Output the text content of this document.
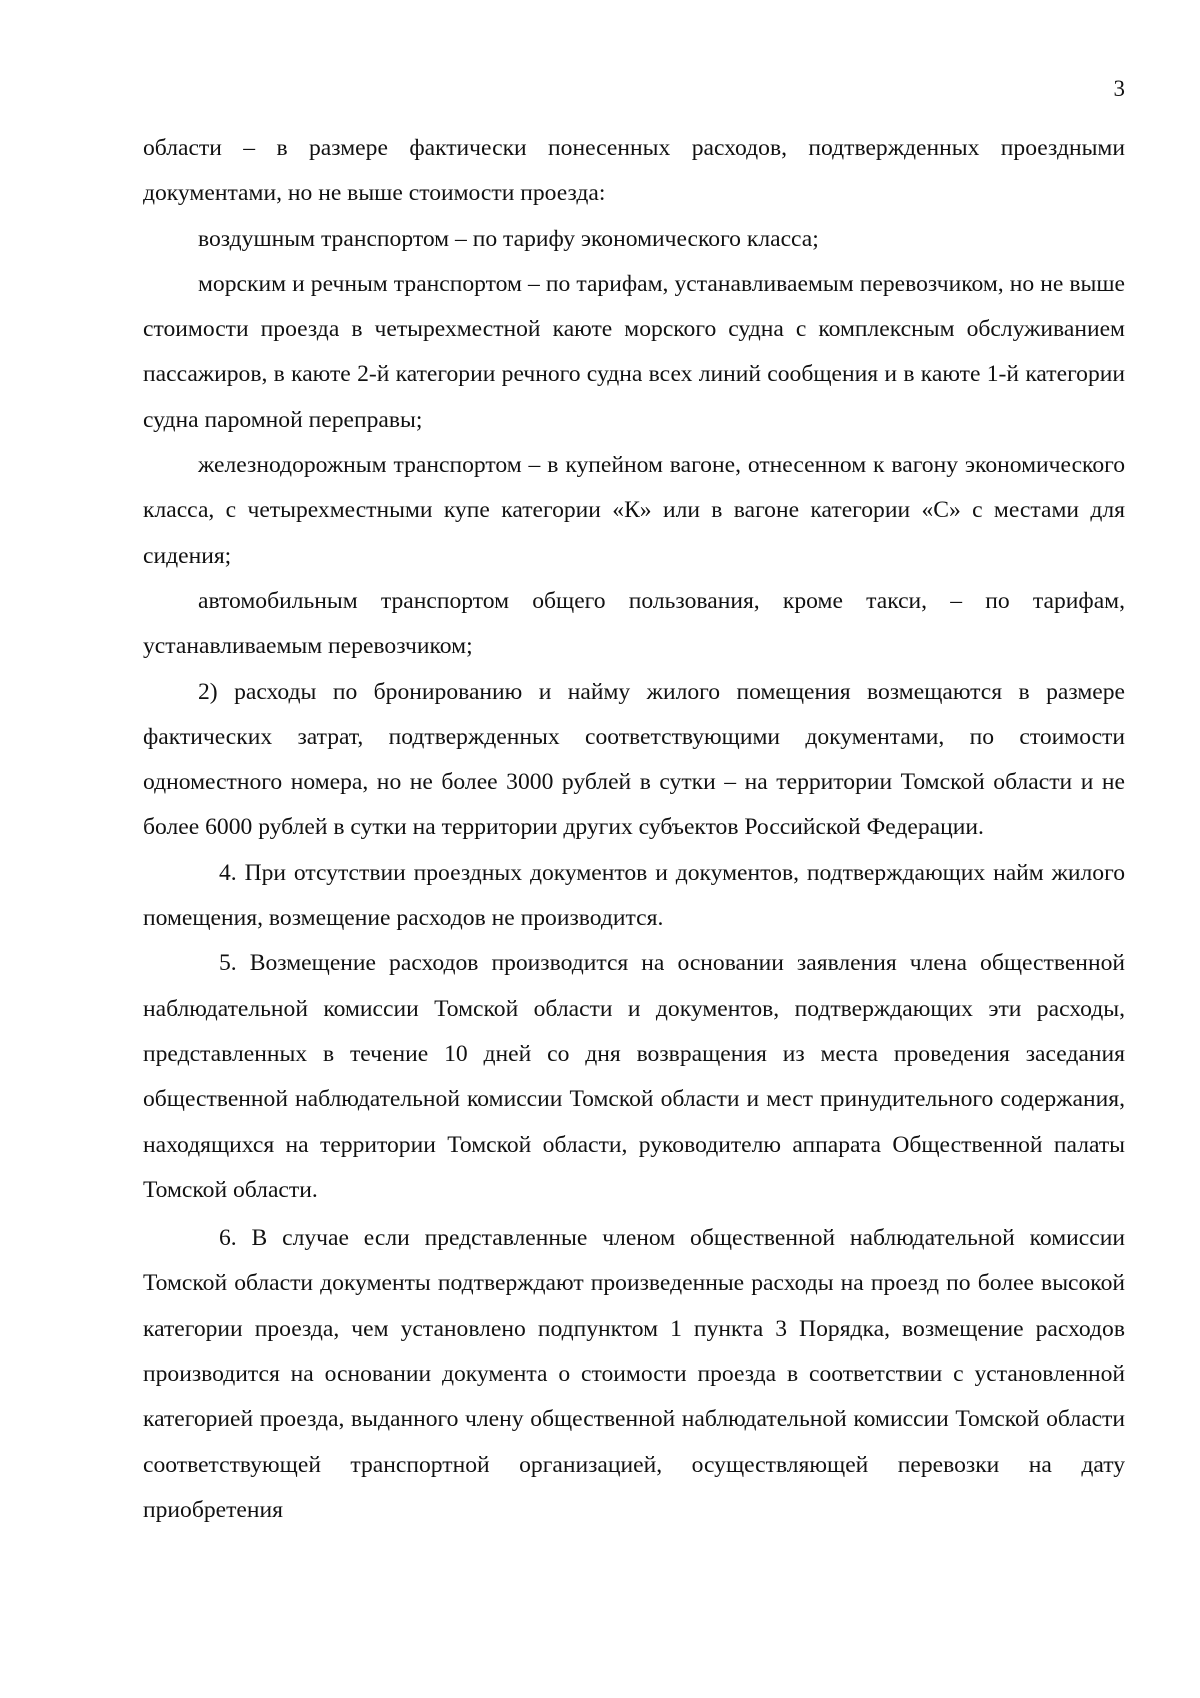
3

области – в размере фактически понесенных расходов, подтвержденных проездными документами, но не выше стоимости проезда:

воздушным транспортом – по тарифу экономического класса;

морским и речным транспортом – по тарифам, устанавливаемым перевозчиком, но не выше стоимости проезда в четырехместной каюте морского судна с комплексным обслуживанием пассажиров, в каюте 2-й категории речного судна всех линий сообщения и в каюте 1-й категории судна паромной переправы;

железнодорожным транспортом – в купейном вагоне, отнесенном к вагону экономического класса, с четырехместными купе категории «К» или в вагоне категории «С» с местами для сидения;

автомобильным транспортом общего пользования, кроме такси, – по тарифам, устанавливаемым перевозчиком;

2) расходы по бронированию и найму жилого помещения возмещаются в размере фактических затрат, подтвержденных соответствующими документами, по стоимости одноместного номера, но не более 3000 рублей в сутки – на территории Томской области и не более 6000 рублей в сутки на территории других субъектов Российской Федерации.

4. При отсутствии проездных документов и документов, подтверждающих найм жилого помещения, возмещение расходов не производится.

5. Возмещение расходов производится на основании заявления члена общественной наблюдательной комиссии Томской области и документов, подтверждающих эти расходы, представленных в течение 10 дней со дня возвращения из места проведения заседания общественной наблюдательной комиссии Томской области и мест принудительного содержания, находящихся на территории Томской области, руководителю аппарата Общественной палаты Томской области.

6. В случае если представленные членом общественной наблюдательной комиссии Томской области документы подтверждают произведенные расходы на проезд по более высокой категории проезда, чем установлено подпунктом 1 пункта 3 Порядка, возмещение расходов производится на основании документа о стоимости проезда в соответствии с установленной категорией проезда, выданного члену общественной наблюдательной комиссии Томской области соответствующей транспортной организацией, осуществляющей перевозки на дату приобретения
